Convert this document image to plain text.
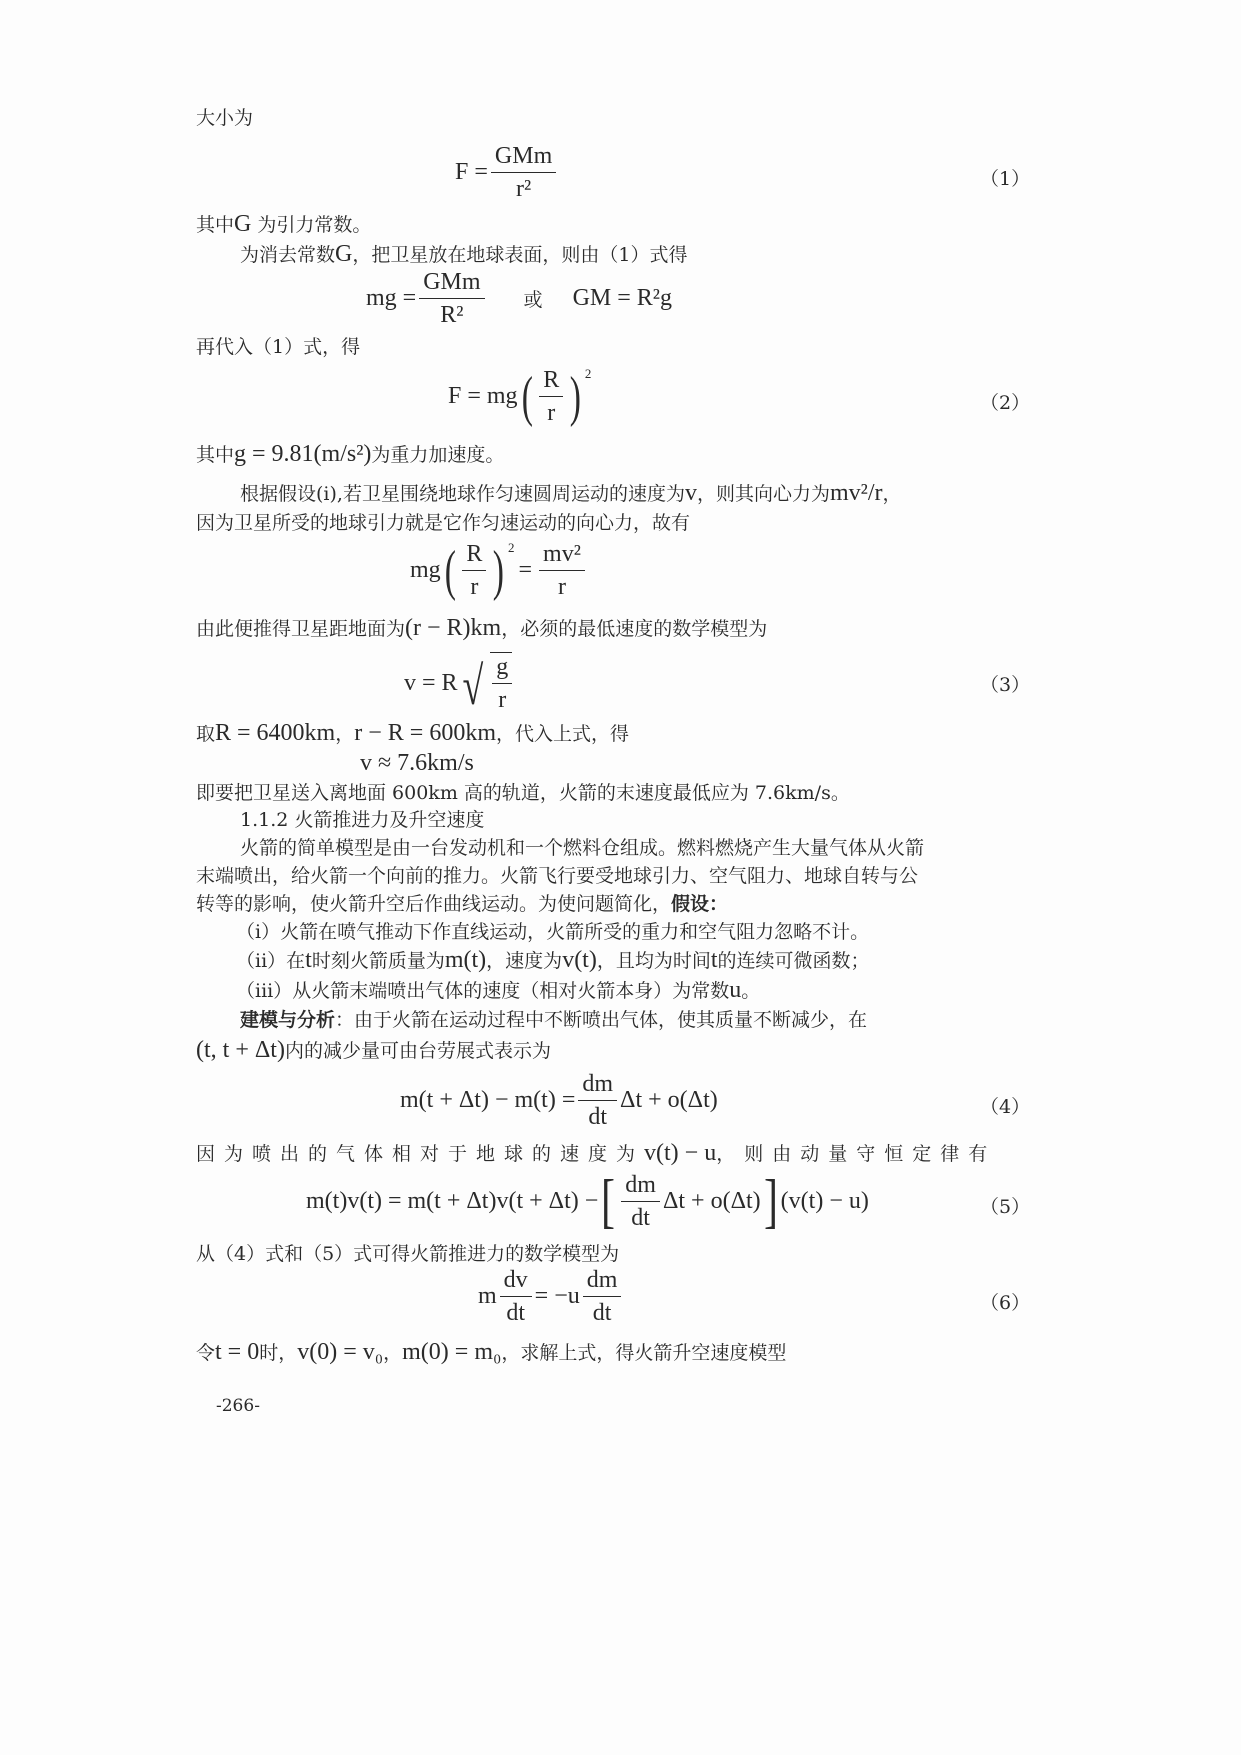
大小为
$F = \frac{\text{GMm}}{\text{r²}}$	（1）
其中G 为引力常数。
为消去常数G，把卫星放在地球表面，则由（1）式得
mg = $\frac{\text{GMm}}{\text{R²}}$ 或 GM = R²g
再代入（1）式，得
F = mg ( $\frac{R}{r}$ ) $^2$
（2）
其中g = 9.81(m/s²)为重力加速度。
根据假设(i),若卫星围绕地球作匀速圆周运动的速度为v，则其向心力为mv²/r，
因为卫星所受的地球引力就是它作匀速运动的向心力，故有
mg ( $\frac{R}{r}$ ) $^2$
= $\frac{\text{mv²}}{r}$
由此便推得卫星距地面为(r − R)km，必须的最低速度的数学模型为
v = R √ $\frac{g}{r}$	（3）
取R = 6400km，r − R = 600km，代入上式，得
v ≈ 7.6km/s
即要把卫星送入离地面 600km 高的轨道，火箭的末速度最低应为 7.6km/s。
1.1.2 火箭推进力及升空速度
火箭的简单模型是由一台发动机和一个燃料仓组成。燃料燃烧产生大量气体从火箭
末端喷出，给火箭一个向前的推力。火箭飞行要受地球引力、空气阻力、地球自转与公
转等的影响，使火箭升空后作曲线运动。为使问题简化，假设：
（i）火箭在喷气推动下作直线运动，火箭所受的重力和空气阻力忽略不计。
（ii）在t时刻火箭质量为m(t)，速度为v(t)，且均为时间t的连续可微函数；
（iii）从火箭末端喷出气体的速度（相对火箭本身）为常数u。
建模与分析：由于火箭在运动过程中不断喷出气体，使其质量不断减少，在
(t, t + Δt)内的减少量可由台劳展式表示为
$m(t + \Delta t) - m(t) = \frac{dm}{dt}$ Δt + o(Δt)	（4）
因为喷出的气体相对于地球的速度为v(t) − u，则由动量守恒定律有
m(t)v(t) = m(t + Δt)v(t + Δt) − [ $\frac{dm}{dt}$ Δt + o(Δt) ] (v(t) − u)	（5）
从（4）式和（5）式可得火箭推进力的数学模型为
m $\frac{dv}{dt} = -u \frac{dm}{dt}$	（6）
令t = 0时，v(0) = v₀，m(0) = m₀，求解上式，得火箭升空速度模型
-266-
